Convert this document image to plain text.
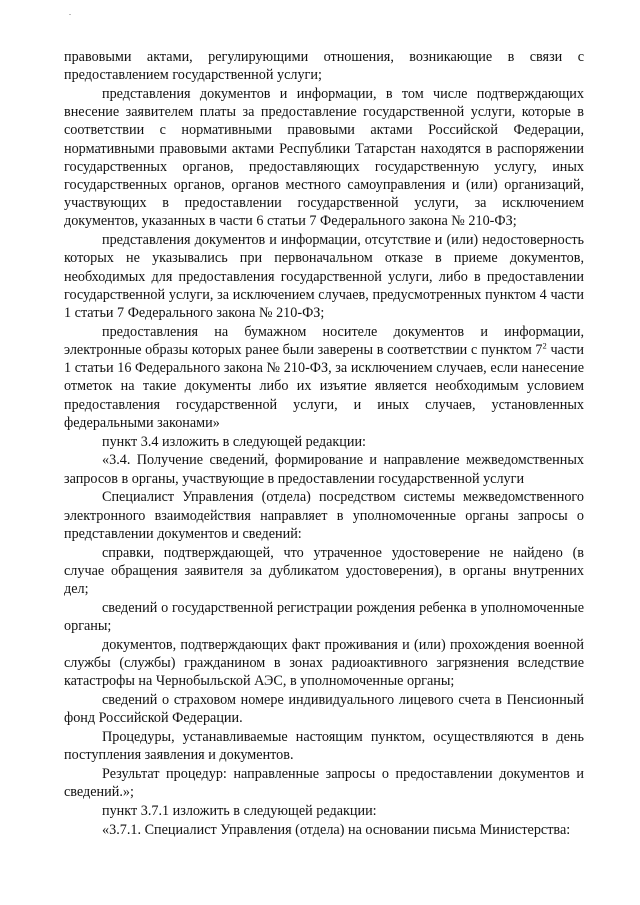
правовыми актами, регулирующими отношения, возникающие в связи с предоставлением государственной услуги;

представления документов и информации, в том числе подтверждающих внесение заявителем платы за предоставление государственной услуги, которые в соответствии с нормативными правовыми актами Российской Федерации, нормативными правовыми актами Республики Татарстан находятся в распоряжении государственных органов, предоставляющих государственную услугу, иных государственных органов, органов местного самоуправления и (или) организаций, участвующих в предоставлении государственной услуги, за исключением документов, указанных в части 6 статьи 7 Федерального закона № 210-ФЗ;

представления документов и информации, отсутствие и (или) недостоверность которых не указывались при первоначальном отказе в приеме документов, необходимых для предоставления государственной услуги, либо в предоставлении государственной услуги, за исключением случаев, предусмотренных пунктом 4 части 1 статьи 7 Федерального закона № 210-ФЗ;

предоставления на бумажном носителе документов и информации, электронные образы которых ранее были заверены в соответствии с пунктом $7^2$ части 1 статьи 16 Федерального закона № 210-ФЗ, за исключением случаев, если нанесение отметок на такие документы либо их изъятие является необходимым условием предоставления государственной услуги, и иных случаев, установленных федеральными законами»

пункт 3.4 изложить в следующей редакции:

«3.4. Получение сведений, формирование и направление межведомственных запросов в органы, участвующие в предоставлении государственной услуги

Специалист Управления (отдела) посредством системы межведомственного электронного взаимодействия направляет в уполномоченные органы запросы о представлении документов и сведений:

справки, подтверждающей, что утраченное удостоверение не найдено (в случае обращения заявителя за дубликатом удостоверения), в органы внутренних дел;

сведений о государственной регистрации рождения ребенка в уполномоченные органы;

документов, подтверждающих факт проживания и (или) прохождения военной службы (службы) гражданином в зонах радиоактивного загрязнения вследствие катастрофы на Чернобыльской АЭС, в уполномоченные органы;

сведений о страховом номере индивидуального лицевого счета в Пенсионный фонд Российской Федерации.

Процедуры, устанавливаемые настоящим пунктом, осуществляются в день поступления заявления и документов.

Результат процедур: направленные запросы о предоставлении документов и сведений.»;

пункт 3.7.1 изложить в следующей редакции:

«3.7.1. Специалист Управления (отдела) на основании письма Министерства:
